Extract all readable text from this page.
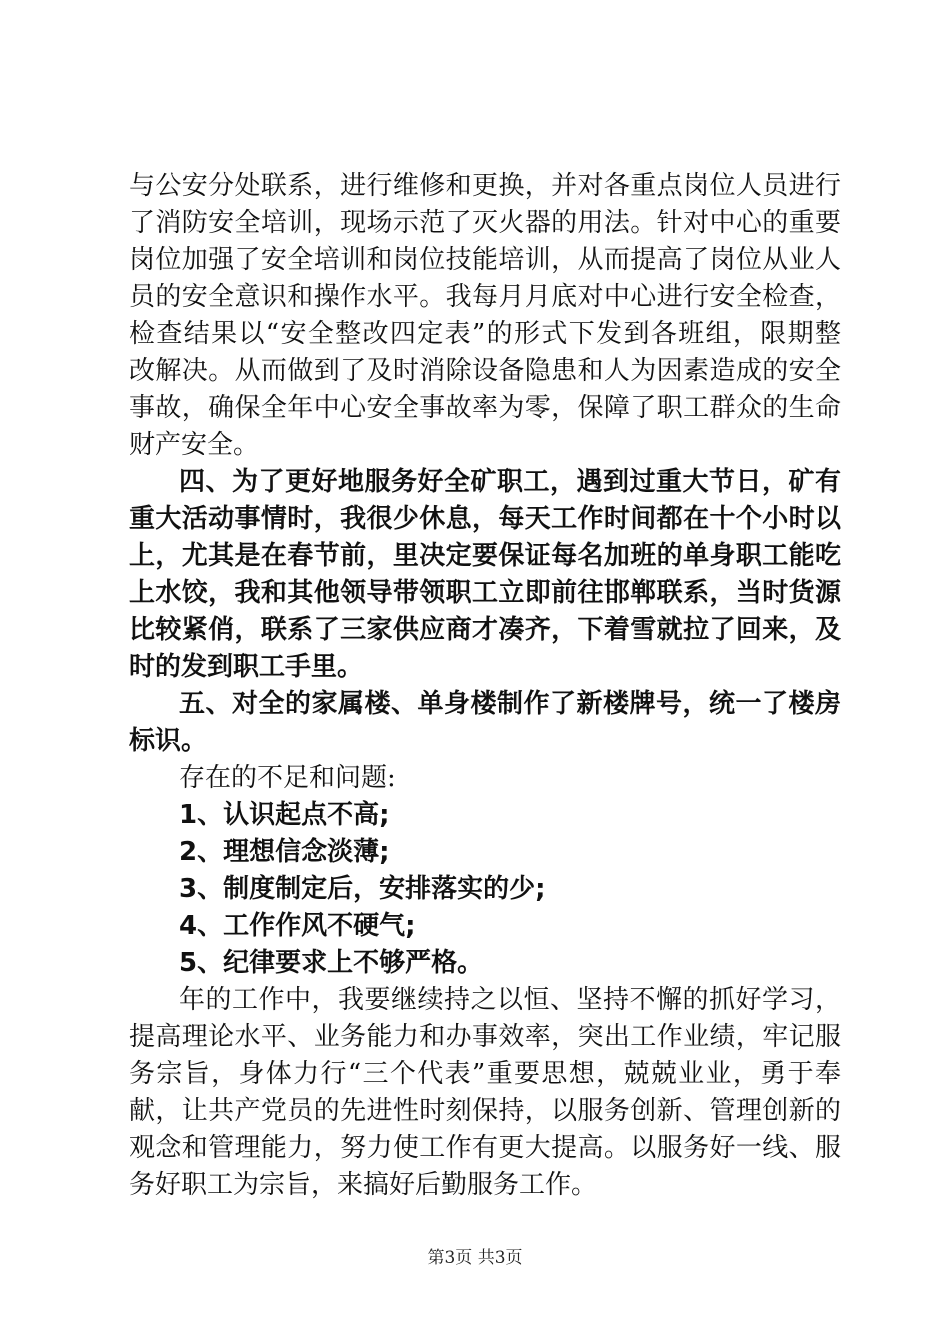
与公安分处联系，进行维修和更换，并对各重点岗位人员进行
了消防安全培训，现场示范了灭火器的用法。针对中心的重要
岗位加强了安全培训和岗位技能培训，从而提高了岗位从业人
员的安全意识和操作水平。我每月月底对中心进行安全检查，
检查结果以“安全整改四定表”的形式下发到各班组，限期整
改解决。从而做到了及时消除设备隐患和人为因素造成的安全
事故，确保全年中心安全事故率为零，保障了职工群众的生命
财产安全。
四、为了更好地服务好全矿职工，遇到过重大节日，矿有
重大活动事情时，我很少休息，每天工作时间都在十个小时以
上，尤其是在春节前，里决定要保证每名加班的单身职工能吃
上水饺，我和其他领导带领职工立即前往邯郸联系，当时货源
比较紧俏，联系了三家供应商才凑齐，下着雪就拉了回来，及
时的发到职工手里。
五、对全的家属楼、单身楼制作了新楼牌号，统一了楼房
标识。
存在的不足和问题:
1、认识起点不高;
2、理想信念淡薄;
3、制度制定后，安排落实的少;
4、工作作风不硬气;
5、纪律要求上不够严格。
年的工作中，我要继续持之以恒、坚持不懈的抓好学习，
提高理论水平、业务能力和办事效率，突出工作业绩，牢记服
务宗旨，身体力行“三个代表”重要思想，兢兢业业，勇于奉
献，让共产党员的先进性时刻保持，以服务创新、管理创新的
观念和管理能力，努力使工作有更大提高。以服务好一线、服
务好职工为宗旨，来搞好后勤服务工作。
第3页 共3页
